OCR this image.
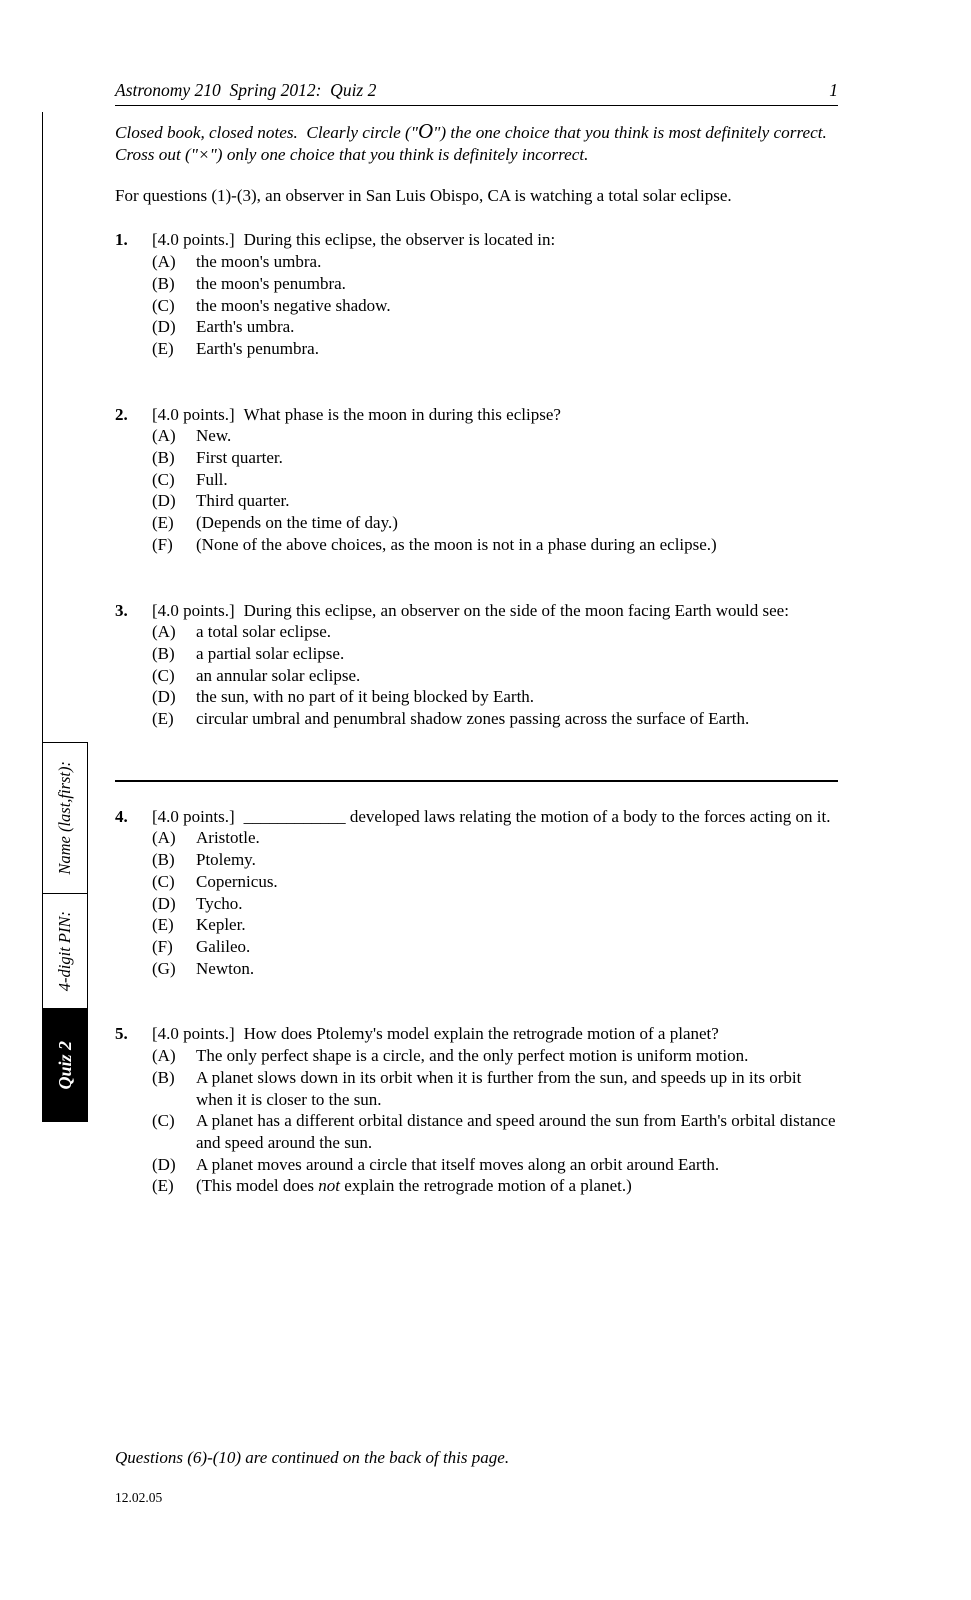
Name (last,first):
4-digit PIN:
Quiz 2
Astronomy 210  Spring 2012:  Quiz 2	1
Closed book, closed notes.  Clearly circle ("O") the one choice that you think is most definitely correct.  Cross out ("×") only one choice that you think is definitely incorrect.
For questions (1)-(3), an observer in San Luis Obispo, CA is watching a total solar eclipse.
1.	[4.0 points.] During this eclipse, the observer is located in:
(A)	the moon's umbra.
(B)	the moon's penumbra.
(C)	the moon's negative shadow.
(D)	Earth's umbra.
(E)	Earth's penumbra.
2.	[4.0 points.] What phase is the moon in during this eclipse?
(A)	New.
(B)	First quarter.
(C)	Full.
(D)	Third quarter.
(E)	(Depends on the time of day.)
(F)	(None of the above choices, as the moon is not in a phase during an eclipse.)
3.	[4.0 points.] During this eclipse, an observer on the side of the moon facing Earth would see:
(A)	a total solar eclipse.
(B)	a partial solar eclipse.
(C)	an annular solar eclipse.
(D)	the sun, with no part of it being blocked by Earth.
(E)	circular umbral and penumbral shadow zones passing across the surface of Earth.
4.	[4.0 points.] ____________ developed laws relating the motion of a body to the forces acting on it.
(A)	Aristotle.
(B)	Ptolemy.
(C)	Copernicus.
(D)	Tycho.
(E)	Kepler.
(F)	Galileo.
(G)	Newton.
5.	[4.0 points.] How does Ptolemy's model explain the retrograde motion of a planet?
(A)	The only perfect shape is a circle, and the only perfect motion is uniform motion.
(B)	A planet slows down in its orbit when it is further from the sun, and speeds up in its orbit when it is closer to the sun.
(C)	A planet has a different orbital distance and speed around the sun from Earth's orbital distance and speed around the sun.
(D)	A planet moves around a circle that itself moves along an orbit around Earth.
(E)	(This model does not explain the retrograde motion of a planet.)
Questions (6)-(10) are continued on the back of this page.
12.02.05
